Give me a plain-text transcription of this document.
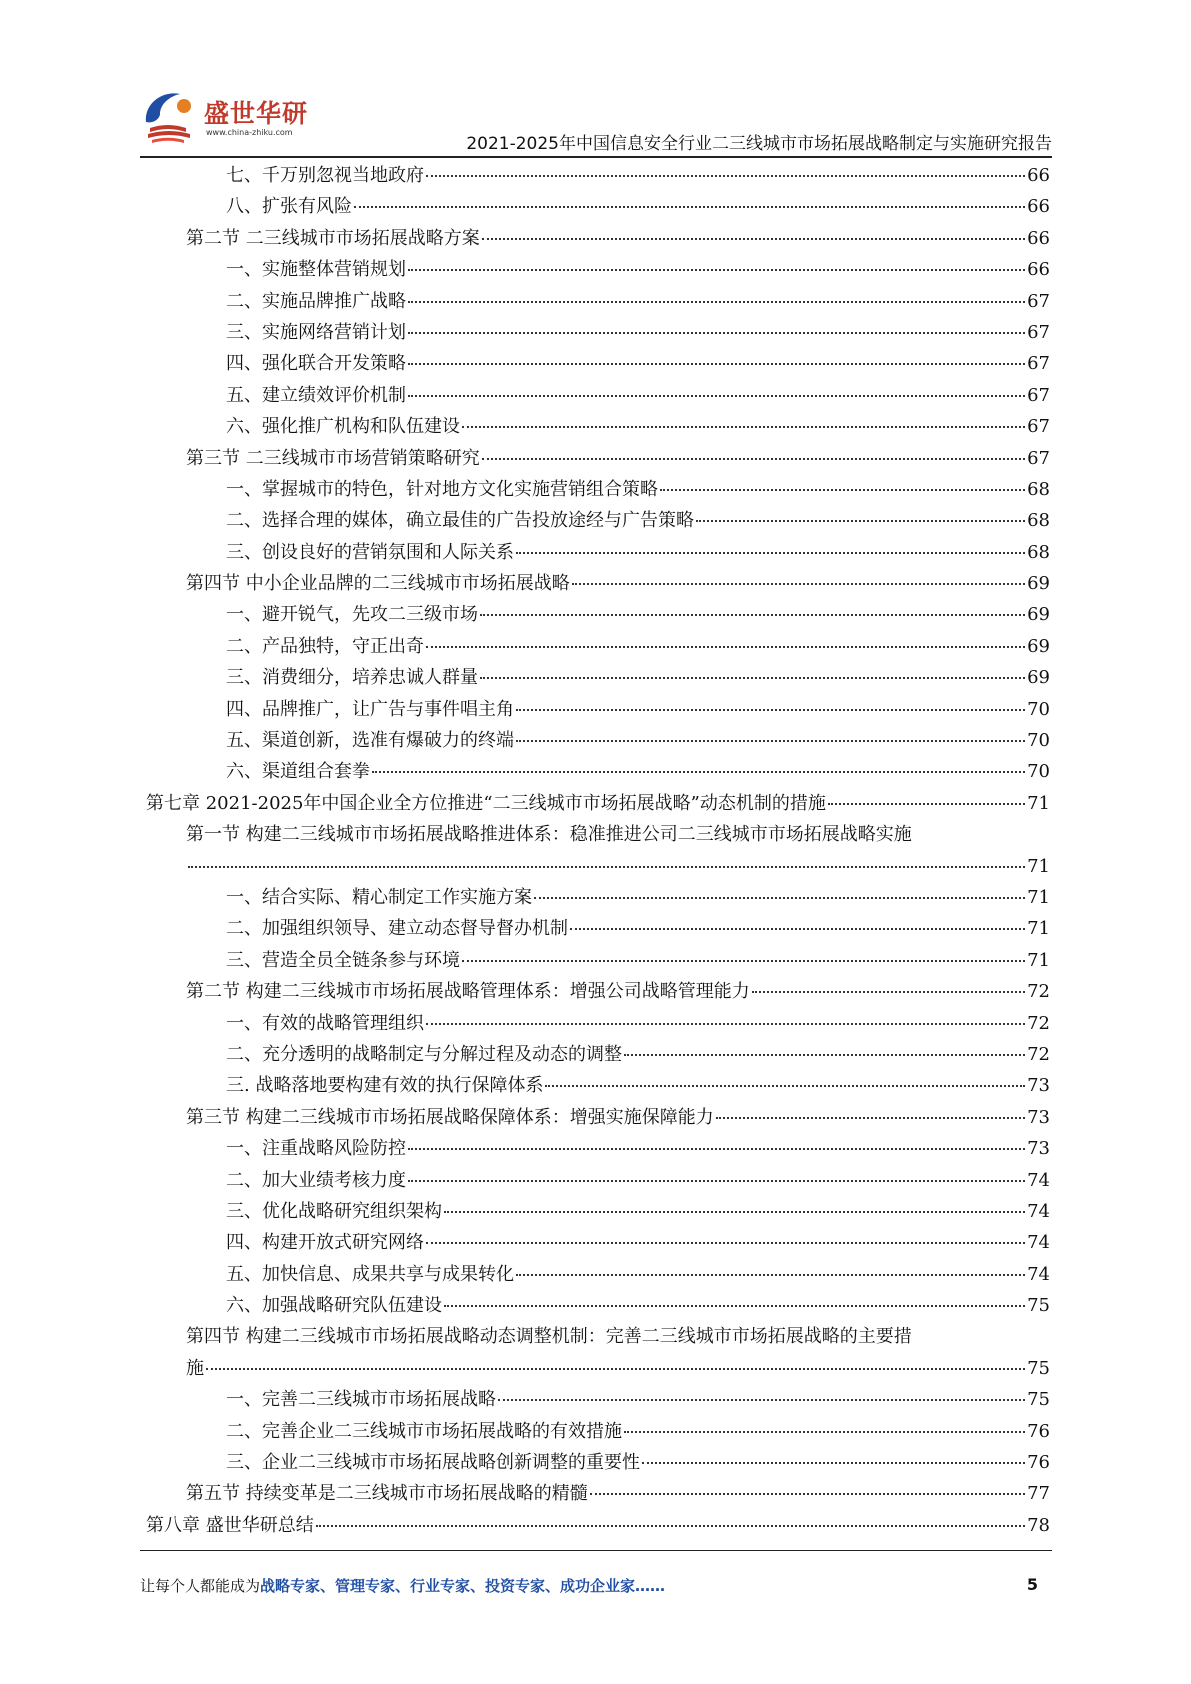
盛世华研
www.china-zhiku.com
2021-2025年中国信息安全行业二三线城市市场拓展战略制定与实施研究报告
七、千万别忽视当地政府	66
八、扩张有风险	66
第二节 二三线城市市场拓展战略方案	66
一、实施整体营销规划	66
二、实施品牌推广战略	67
三、实施网络营销计划	67
四、强化联合开发策略	67
五、建立绩效评价机制	67
六、强化推广机构和队伍建设	67
第三节 二三线城市市场营销策略研究	67
一、掌握城市的特色，针对地方文化实施营销组合策略	68
二、选择合理的媒体，确立最佳的广告投放途经与广告策略	68
三、创设良好的营销氛围和人际关系	68
第四节 中小企业品牌的二三线城市市场拓展战略	69
一、避开锐气，先攻二三级市场	69
二、产品独特，守正出奇	69
三、消费细分，培养忠诚人群量	69
四、品牌推广，让广告与事件唱主角	70
五、渠道创新，选准有爆破力的终端	70
六、渠道组合套拳	70
第七章 2021-2025年中国企业全方位推进“二三线城市市场拓展战略”动态机制的措施	71
第一节 构建二三线城市市场拓展战略推进体系：稳准推进公司二三线城市市场拓展战略实施
71
一、结合实际、精心制定工作实施方案	71
二、加强组织领导、建立动态督导督办机制	71
三、营造全员全链条参与环境	71
第二节 构建二三线城市市场拓展战略管理体系：增强公司战略管理能力	72
一、有效的战略管理组织	72
二、充分透明的战略制定与分解过程及动态的调整	72
三. 战略落地要构建有效的执行保障体系	73
第三节 构建二三线城市市场拓展战略保障体系：增强实施保障能力	73
一、注重战略风险防控	73
二、加大业绩考核力度	74
三、优化战略研究组织架构	74
四、构建开放式研究网络	74
五、加快信息、成果共享与成果转化	74
六、加强战略研究队伍建设	75
第四节 构建二三线城市市场拓展战略动态调整机制：完善二三线城市市场拓展战略的主要措
施	75
一、完善二三线城市市场拓展战略	75
二、完善企业二三线城市市场拓展战略的有效措施	76
三、企业二三线城市市场拓展战略创新调整的重要性	76
第五节 持续变革是二三线城市市场拓展战略的精髓	77
第八章 盛世华研总结	78
让每个人都能成为战略专家、管理专家、行业专家、投资专家、成功企业家……	5
